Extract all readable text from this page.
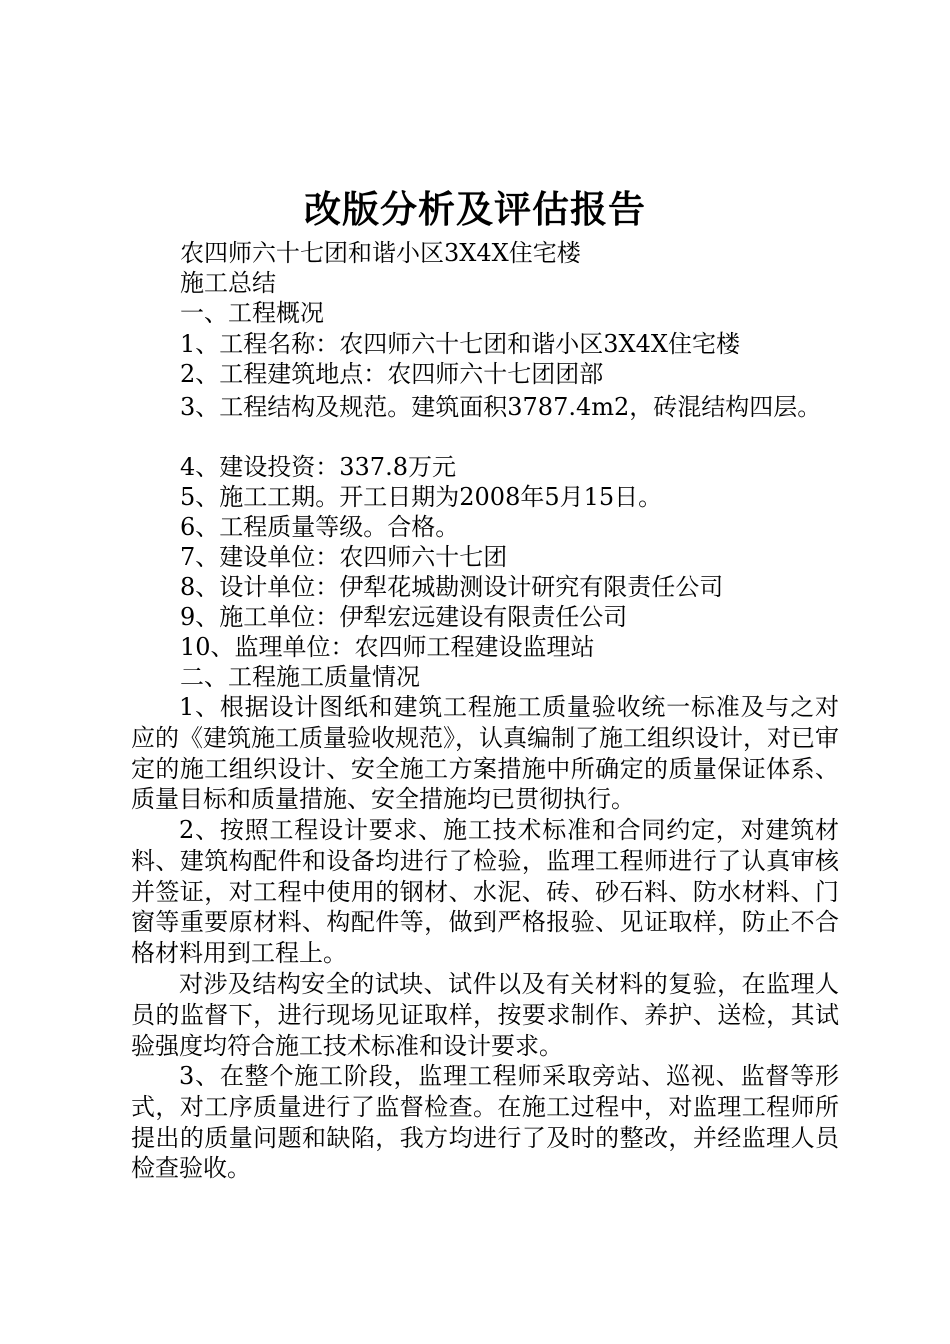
改版分析及评估报告
农四师六十七团和谐小区3X4X住宅楼
施工总结
一、工程概况
1、工程名称：农四师六十七团和谐小区3X4X住宅楼
2、工程建筑地点：农四师六十七团团部
3、工程结构及规范。建筑面积3787.4m2，砖混结构四层。
4、建设投资：337.8万元
5、施工工期。开工日期为2008年5月15日。
6、工程质量等级。合格。
7、建设单位：农四师六十七团
8、设计单位：伊犁花城勘测设计研究有限责任公司
9、施工单位：伊犁宏远建设有限责任公司
10、监理单位：农四师工程建设监理站
二、工程施工质量情况
1、根据设计图纸和建筑工程施工质量验收统一标准及与之对应的《建筑施工质量验收规范》，认真编制了施工组织设计，对已审定的施工组织设计、安全施工方案措施中所确定的质量保证体系、质量目标和质量措施、安全措施均已贯彻执行。
2、按照工程设计要求、施工技术标准和合同约定，对建筑材料、建筑构配件和设备均进行了检验，监理工程师进行了认真审核并签证，对工程中使用的钢材、水泥、砖、砂石料、防水材料、门窗等重要原材料、构配件等，做到严格报验、见证取样，防止不合格材料用到工程上。
对涉及结构安全的试块、试件以及有关材料的复验，在监理人员的监督下，进行现场见证取样，按要求制作、养护、送检，其试验强度均符合施工技术标准和设计要求。
3、在整个施工阶段，监理工程师采取旁站、巡视、监督等形式，对工序质量进行了监督检查。在施工过程中，对监理工程师所提出的质量问题和缺陷，我方均进行了及时的整改，并经监理人员检查验收。
